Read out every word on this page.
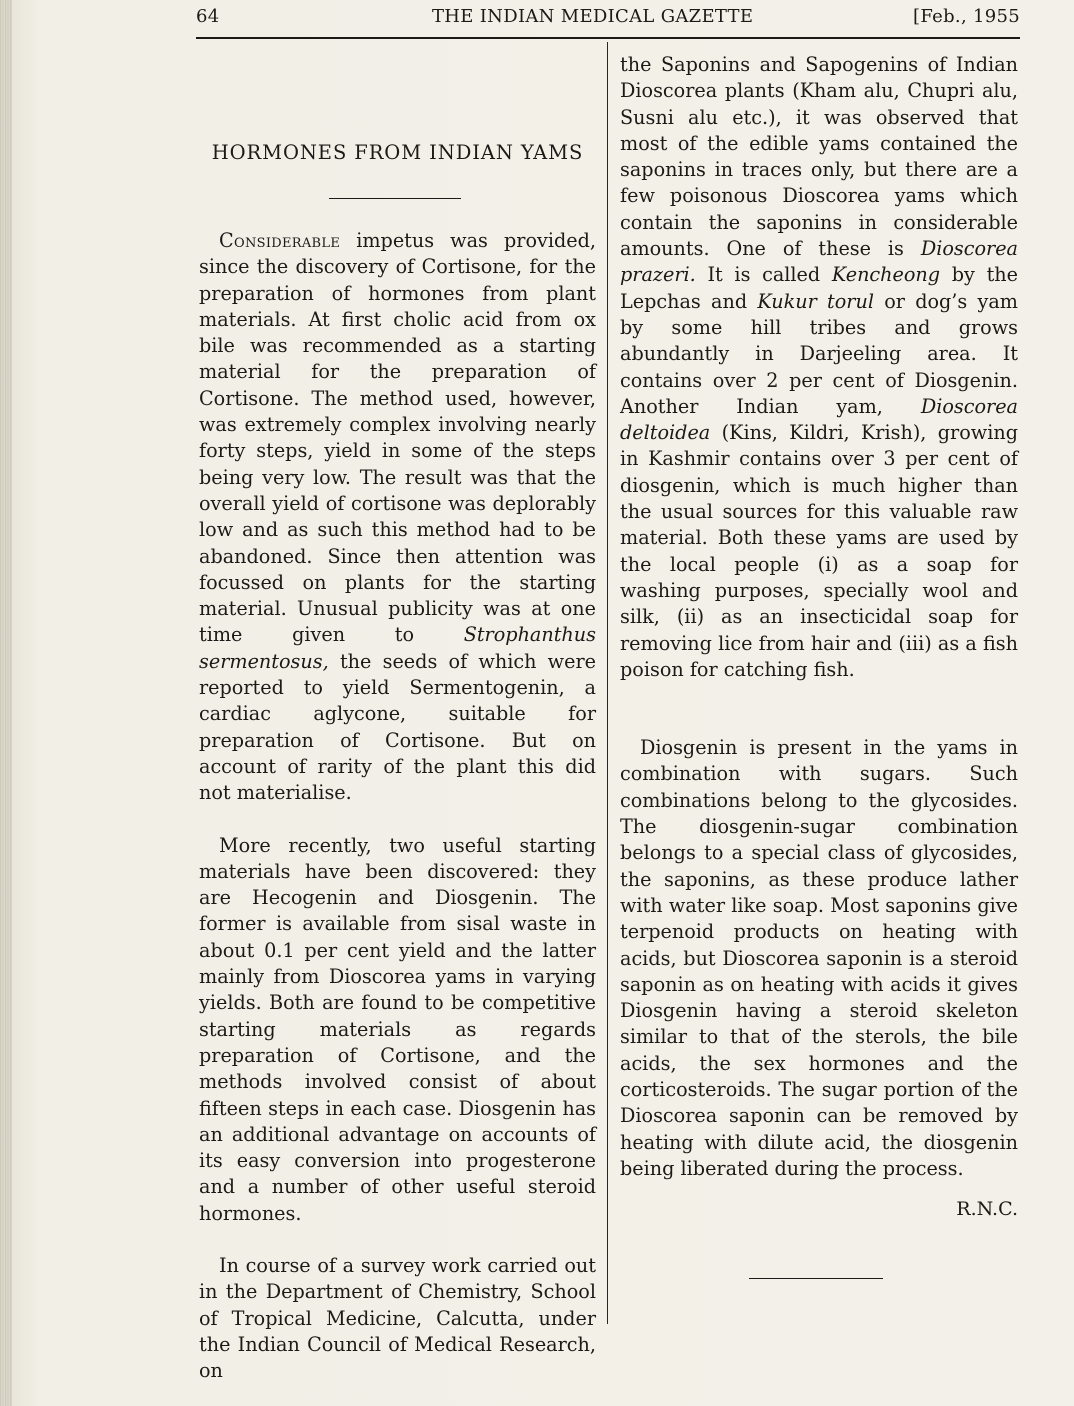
64	THE INDIAN MEDICAL GAZETTE	[Feb., 1955
HORMONES FROM INDIAN YAMS

Considerable impetus was provided, since the discovery of Cortisone, for the preparation of hormones from plant materials. At first cholic acid from ox bile was recommended as a starting material for the preparation of Cortisone. The method used, however, was extremely complex involving nearly forty steps, yield in some of the steps being very low. The result was that the overall yield of cortisone was deplorably low and as such this method had to be abandoned. Since then attention was focussed on plants for the starting material. Unusual publicity was at one time given to Strophanthus sermentosus, the seeds of which were reported to yield Sermentogenin, a cardiac aglycone, suitable for preparation of Cortisone. But on account of rarity of the plant this did not materialise.

More recently, two useful starting materials have been discovered: they are Hecogenin and Diosgenin. The former is available from sisal waste in about 0.1 per cent yield and the latter mainly from Dioscorea yams in varying yields. Both are found to be competitive starting materials as regards preparation of Cortisone, and the methods involved consist of about fifteen steps in each case. Diosgenin has an additional advantage on accounts of its easy conversion into progesterone and a number of other useful steroid hormones.

In course of a survey work carried out in the Department of Chemistry, School of Tropical Medicine, Calcutta, under the Indian Council of Medical Research, on

the Saponins and Sapogenins of Indian Dioscorea plants (Kham alu, Chupri alu, Susni alu etc.), it was observed that most of the edible yams contained the saponins in traces only, but there are a few poisonous Dioscorea yams which contain the saponins in considerable amounts. One of these is Dioscorea prazeri. It is called Kencheong by the Lepchas and Kukur torul or dog’s yam by some hill tribes and grows abundantly in Darjeeling area. It contains over 2 per cent of Diosgenin. Another Indian yam, Dioscorea deltoidea (Kins, Kildri, Krish), growing in Kashmir contains over 3 per cent of diosgenin, which is much higher than the usual sources for this valuable raw material. Both these yams are used by the local people (i) as a soap for washing purposes, specially wool and silk, (ii) as an insecticidal soap for removing lice from hair and (iii) as a fish poison for catching fish.

Diosgenin is present in the yams in combination with sugars. Such combinations belong to the glycosides. The diosgenin-sugar combination belongs to a special class of glycosides, the saponins, as these produce lather with water like soap. Most saponins give terpenoid products on heating with acids, but Dioscorea saponin is a steroid saponin as on heating with acids it gives Diosgenin having a steroid skeleton similar to that of the sterols, the bile acids, the sex hormones and the corticosteroids. The sugar portion of the Dioscorea saponin can be removed by heating with dilute acid, the diosgenin being liberated during the process.

R.N.C.
